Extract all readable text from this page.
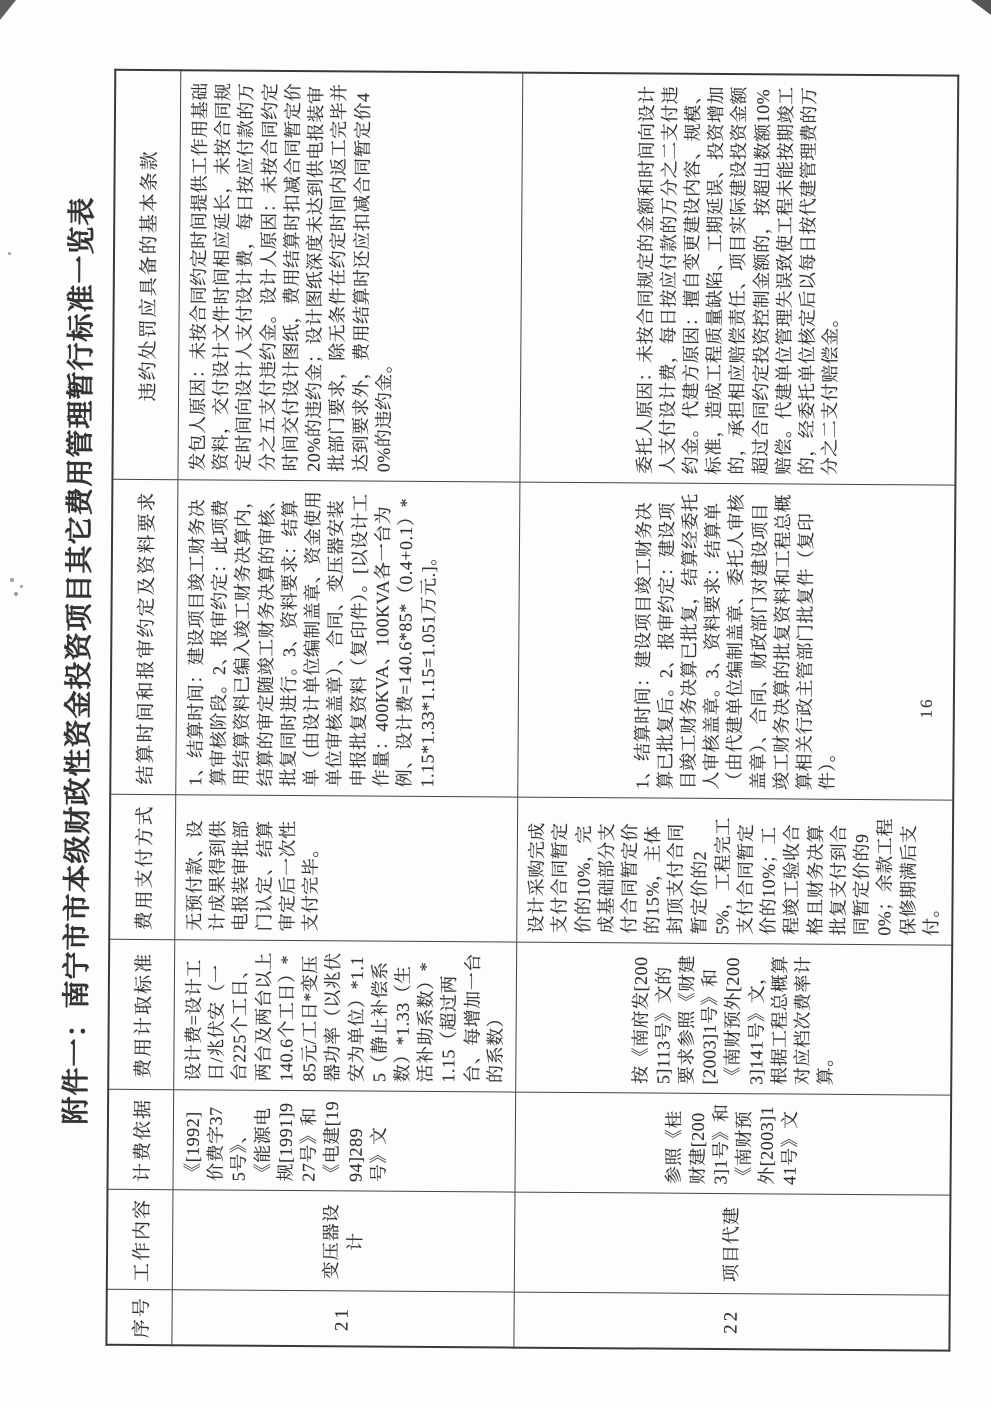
附件一：南宁市市本级财政性资金投资项目其它费用管理暂行标准一览表
序号	工作内容	计费依据	费用计取标准	费用支付方式	结算时间和报审约定及资料要求	违约处罚应具备的基本条款
21	变压器设计	《[1992]价费字375号》、《能源电规[1991]927号》和《电建[1994]289号》文	设计费=设计工日/兆伏安（一台225个工日、两台及两台以上140.6个工日）*85元/工日*变压器功率（以兆伏安为单位）*1.15（静止补偿系数）*1.33（生活补助系数）*1.15（超过两台、每增加一台的系数）	无预付款、设计成果得到供电报装审批部门认定、结算审定后一次性支付完毕。	1、结算时间：建设项目竣工财务决算审核阶段。2、报审约定：此项费用结算资料已编入竣工财务决算内，结算的审定随竣工财务决算的审核、批复同时进行。3、资料要求：结算单（由设计单位编制盖章、资金使用单位审核盖章）、合同、变压器安装申报批复资料（复印件）。[以设计工作量：400KVA、100KVA各一台为例、设计费=140.6*85*（0.4+0.1）*1.15*1.33*1.15=1.051万元.]。	发包人原因：未按合同约定时间提供工作用基础资料，交付设计文件时间相应延长，未按合同规定时间向设计人支付设计费，每日按应付款的万分之五支付违约金。设计人原因：未按合同约定时间交付设计图纸，费用结算时扣减合同暂定价20%的违约金；设计图纸深度未达到供电报装审批部门要求，除无条件在约定时间内返工完毕并达到要求外，费用结算时还应扣减合同暂定价40%的违约金。
22	项目代建	参照《桂财建[2003]1号》和《南财预外[2003]141号》文	按《南府发[2005]113号》文的要求参照《财建[2003]1号》和《南财预外[2003]141号》文，根据工程总概算对应档次费率计算。	设计采购完成支付合同暂定价的10%，完成基础部分支付合同暂定价的15%，主体封顶支付合同暂定价的25%，工程完工支付合同暂定价的10%；工程竣工验收合格且财务决算批复支付到合同暂定价的90%；余款工程保修期满后支付。	1、结算时间：建设项目竣工财务决算已批复后。2、报审约定：建设项目竣工财务决算已批复，结算经委托人审核盖章。3、资料要求：结算单（由代建单位编制盖章、委托人审核盖章）、合同、财政部门对建设项目竣工财务决算的批复资料和工程总概算相关行政主管部门批复件（复印件）。	委托人原因：未按合同规定的金额和时间向设计人支付设计费，每日按应付款的万分之二支付违约金。代建方原因：擅自变更建设内容、规模、标准，造成工程质量缺陷、工期延误、投资增加的，承担相应赔偿责任、项目实际建设投资金额超过合同约定投资控制金额的，按超出数额10%赔偿。代建单位管理失误致使工程未能按期竣工的，经委托单位核定后以每日按代建管理费的万分之二支付赔偿金。
16
